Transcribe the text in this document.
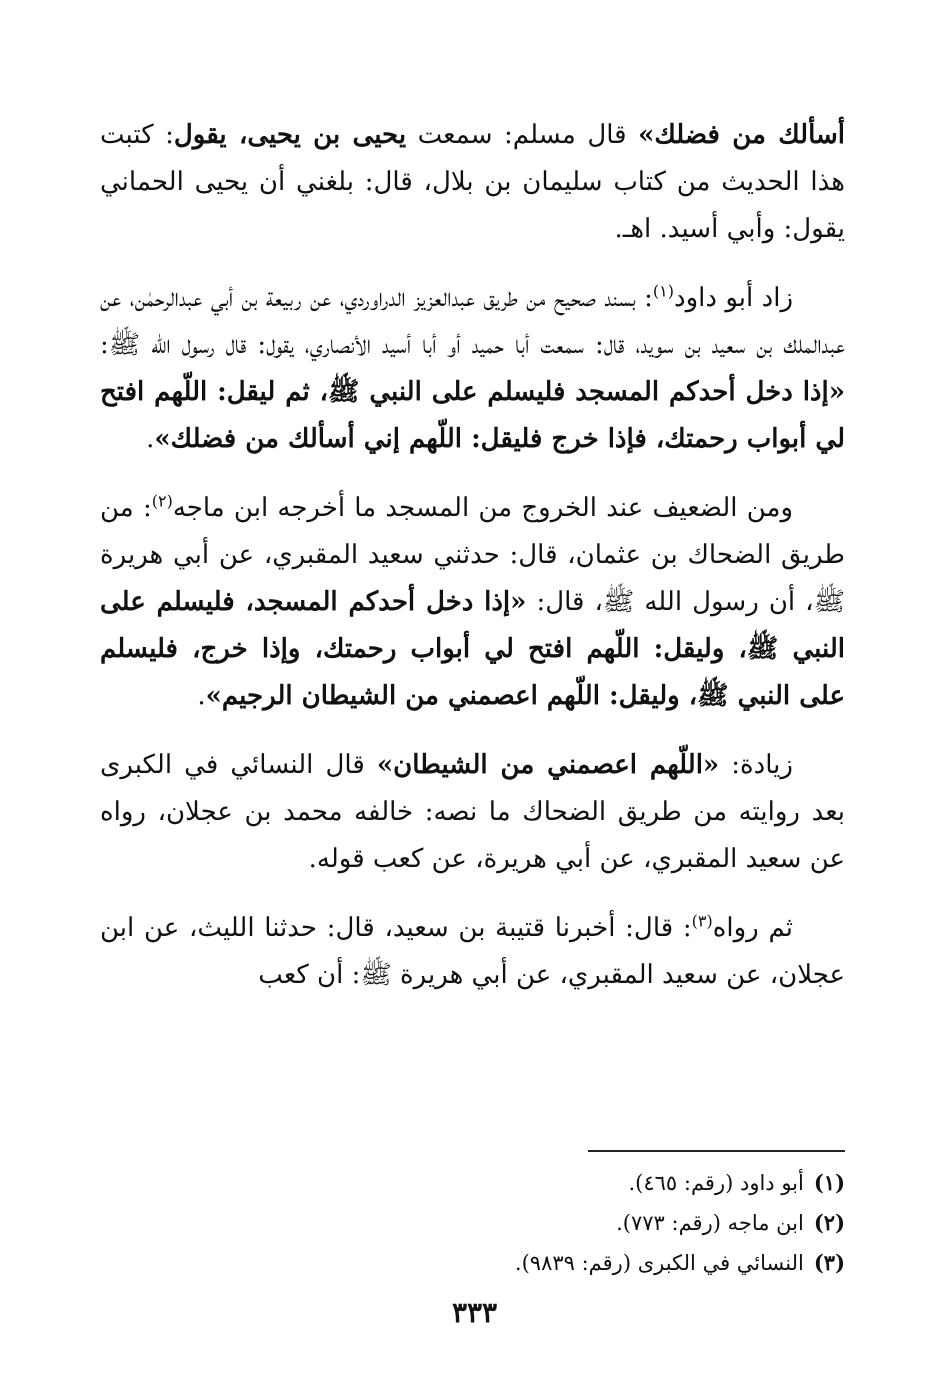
أسألك من فضلك» قال مسلم: سمعت يحيى بن يحيى، يقول: كتبت هذا الحديث من كتاب سليمان بن بلال، قال: بلغني أن يحيى الحماني يقول: وأبي أسيد. اهـ.

زاد أبو داود$^{(١)}$: بسند صحيح من طريق عبدالعزيز الدراوردي، عن ربيعة بن أبي عبدالرحمٰن، عن عبدالملك بن سعيد بن سويد، قال: سمعت أبا حميد أو أبا أسيد الأنصاري، يقول: قال رسول الله ﷺ: «إذا دخل أحدكم المسجد فليسلم على النبي ﷺ، ثم ليقل: اللّهم افتح لي أبواب رحمتك، فإذا خرج فليقل: اللّهم إني أسألك من فضلك».

ومن الضعيف عند الخروج من المسجد ما أخرجه ابن ماجه$^{(٢)}$: من طريق الضحاك بن عثمان، قال: حدثني سعيد المقبري، عن أبي هريرة ﷺ، أن رسول الله ﷺ، قال: «إذا دخل أحدكم المسجد، فليسلم على النبي ﷺ، وليقل: اللّهم افتح لي أبواب رحمتك، وإذا خرج، فليسلم على النبي ﷺ، وليقل: اللّهم اعصمني من الشيطان الرجيم».

زيادة: «اللّهم اعصمني من الشيطان» قال النسائي في الكبرى بعد روايته من طريق الضحاك ما نصه: خالفه محمد بن عجلان، رواه عن سعيد المقبري، عن أبي هريرة، عن كعب قوله.

ثم رواه$^{(٣)}$: قال: أخبرنا قتيبة بن سعيد، قال: حدثنا الليث، عن ابن عجلان، عن سعيد المقبري، عن أبي هريرة ﷺ: أن كعب

(١)أبو داود (رقم: ٤٦٥).
(٢)ابن ماجه (رقم: ٧٧٣).
(٣)النسائي في الكبرى (رقم: ٩٨٣٩).
٣٣٣
